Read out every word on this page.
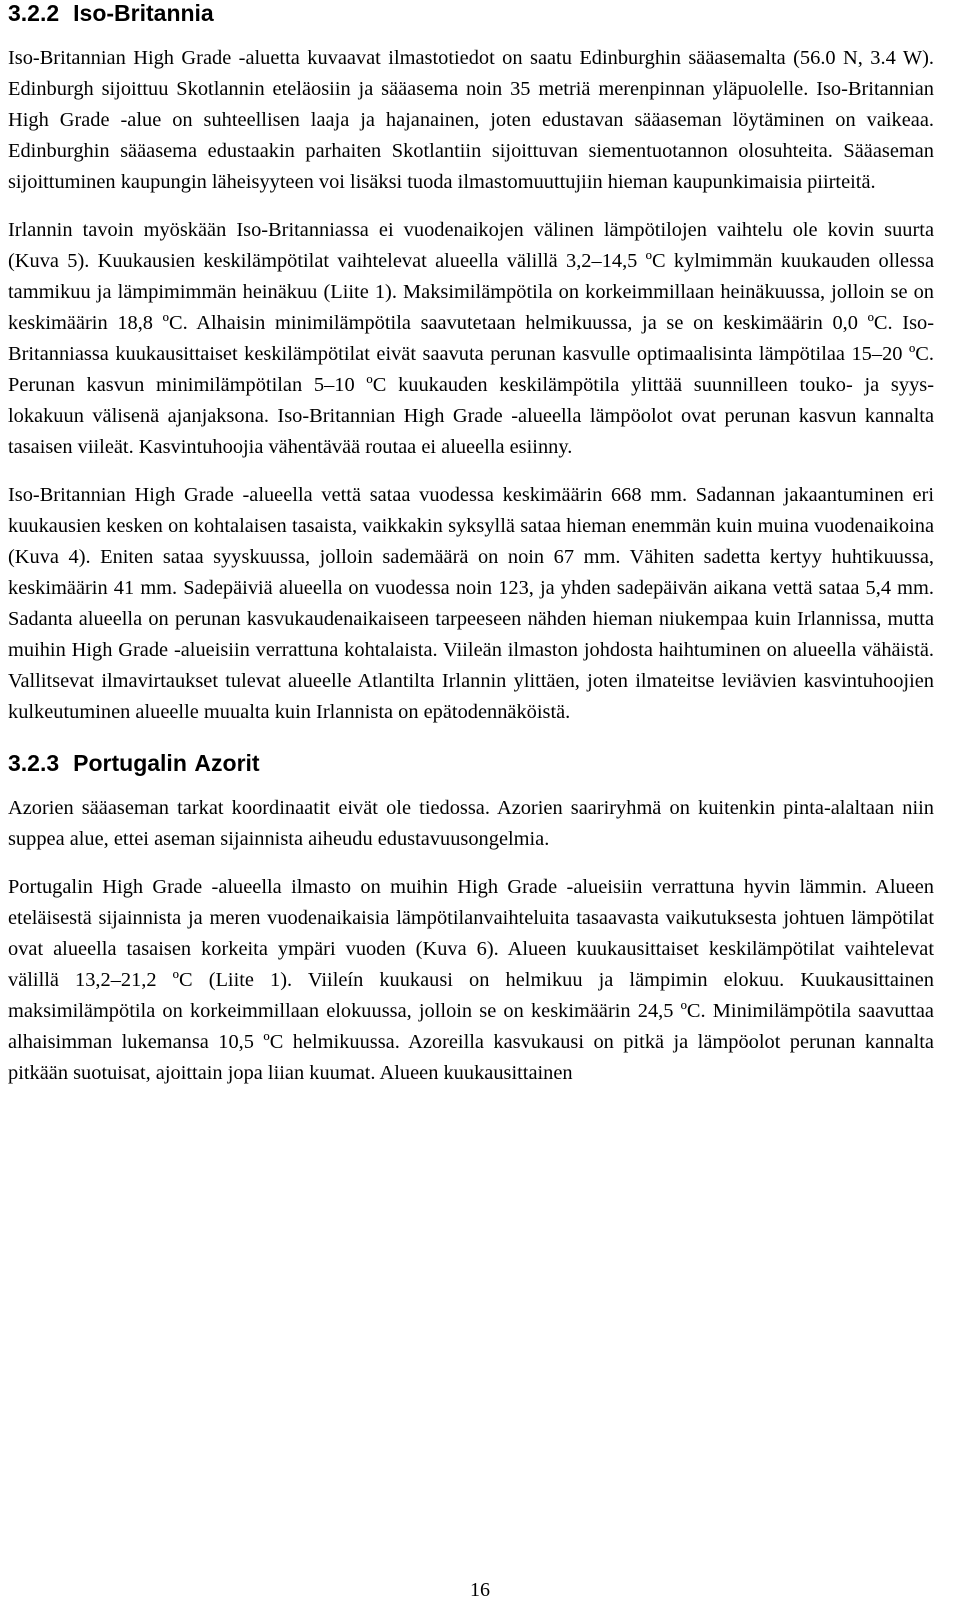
3.2.2 Iso-Britannia

Iso-Britannian High Grade -aluetta kuvaavat ilmastotiedot on saatu Edinburghin sääasemalta (56.0 N, 3.4 W). Edinburgh sijoittuu Skotlannin eteläosiin ja sääasema noin 35 metriä merenpinnan yläpuolelle. Iso-Britannian High Grade -alue on suhteellisen laaja ja hajanainen, joten edustavan sääaseman löytäminen on vaikeaa. Edinburghin sääasema edustaakin parhaiten Skotlantiin sijoittuvan siementuotannon olosuhteita. Sääaseman sijoittuminen kaupungin läheisyyteen voi lisäksi tuoda ilmastomuuttujiin hieman kaupunkimaisia piirteitä.

Irlannin tavoin myöskään Iso-Britanniassa ei vuodenaikojen välinen lämpötilojen vaihtelu ole kovin suurta (Kuva 5). Kuukausien keskilämpötilat vaihtelevat alueella välillä 3,2–14,5 ºC kylmimmän kuukauden ollessa tammikuu ja lämpimimmän heinäkuu (Liite 1). Maksimilämpötila on korkeimmillaan heinäkuussa, jolloin se on keskimäärin 18,8 ºC. Alhaisin minimilämpötila saavutetaan helmikuussa, ja se on keskimäärin 0,0 ºC. Iso-Britanniassa kuukausittaiset keskilämpötilat eivät saavuta perunan kasvulle optimaalisinta lämpötilaa 15–20 ºC. Perunan kasvun minimilämpötilan 5–10 ºC kuukauden keskilämpötila ylittää suunnilleen touko- ja syys-lokakuun välisenä ajanjaksona. Iso-Britannian High Grade -alueella lämpöolot ovat perunan kasvun kannalta tasaisen viileät. Kasvintuhoojia vähentävää routaa ei alueella esiinny.

Iso-Britannian High Grade -alueella vettä sataa vuodessa keskimäärin 668 mm. Sadannan jakaantuminen eri kuukausien kesken on kohtalaisen tasaista, vaikkakin syksyllä sataa hieman enemmän kuin muina vuodenaikoina (Kuva 4). Eniten sataa syyskuussa, jolloin sademäärä on noin 67 mm. Vähiten sadetta kertyy huhtikuussa, keskimäärin 41 mm. Sadepäiviä alueella on vuodessa noin 123, ja yhden sadepäivän aikana vettä sataa 5,4 mm. Sadanta alueella on perunan kasvukaudenaikaiseen tarpeeseen nähden hieman niukempaa kuin Irlannissa, mutta muihin High Grade -alueisiin verrattuna kohtalaista. Viileän ilmaston johdosta haihtuminen on alueella vähäistä. Vallitsevat ilmavirtaukset tulevat alueelle Atlantilta Irlannin ylittäen, joten ilmateitse leviävien kasvintuhoojien kulkeutuminen alueelle muualta kuin Irlannista on epätodennäköistä.

3.2.3 Portugalin Azorit

Azorien sääaseman tarkat koordinaatit eivät ole tiedossa. Azorien saariryhmä on kuitenkin pinta-alaltaan niin suppea alue, ettei aseman sijainnista aiheudu edustavuusongelmia.

Portugalin High Grade -alueella ilmasto on muihin High Grade -alueisiin verrattuna hyvin lämmin. Alueen eteläisestä sijainnista ja meren vuodenaikaisia lämpötilanvaihteluita tasaavasta vaikutuksesta johtuen lämpötilat ovat alueella tasaisen korkeita ympäri vuoden (Kuva 6). Alueen kuukausittaiset keskilämpötilat vaihtelevat välillä 13,2–21,2 ºC (Liite 1). Viileín kuukausi on helmikuu ja lämpimin elokuu. Kuukausittainen maksimilämpötila on korkeimmillaan elokuussa, jolloin se on keskimäärin 24,5 ºC. Minimilämpötila saavuttaa alhaisimman lukemansa 10,5 ºC helmikuussa. Azoreilla kasvukausi on pitkä ja lämpöolot perunan kannalta pitkään suotuisat, ajoittain jopa liian kuumat. Alueen kuukausittainen

16
